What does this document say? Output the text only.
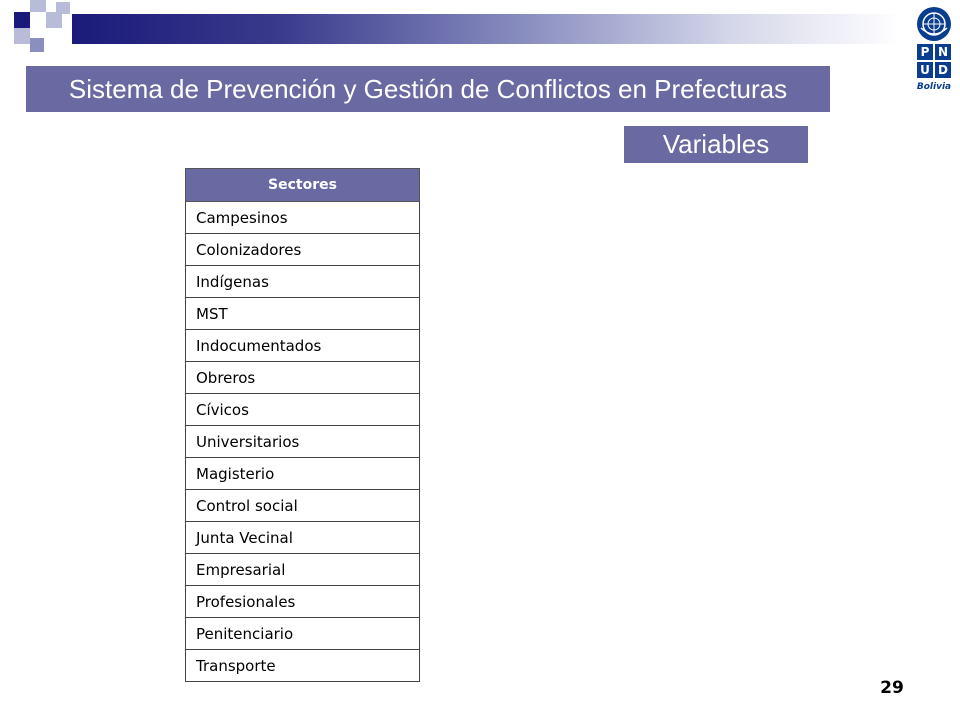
P N
U D
Bolivia
Sistema de Prevención y Gestión de Conflictos en Prefecturas
Variables
Sectores
Campesinos
Colonizadores
Indígenas
MST
Indocumentados
Obreros
Cívicos
Universitarios
Magisterio
Control social
Junta Vecinal
Empresarial
Profesionales
Penitenciario
Transporte
29
